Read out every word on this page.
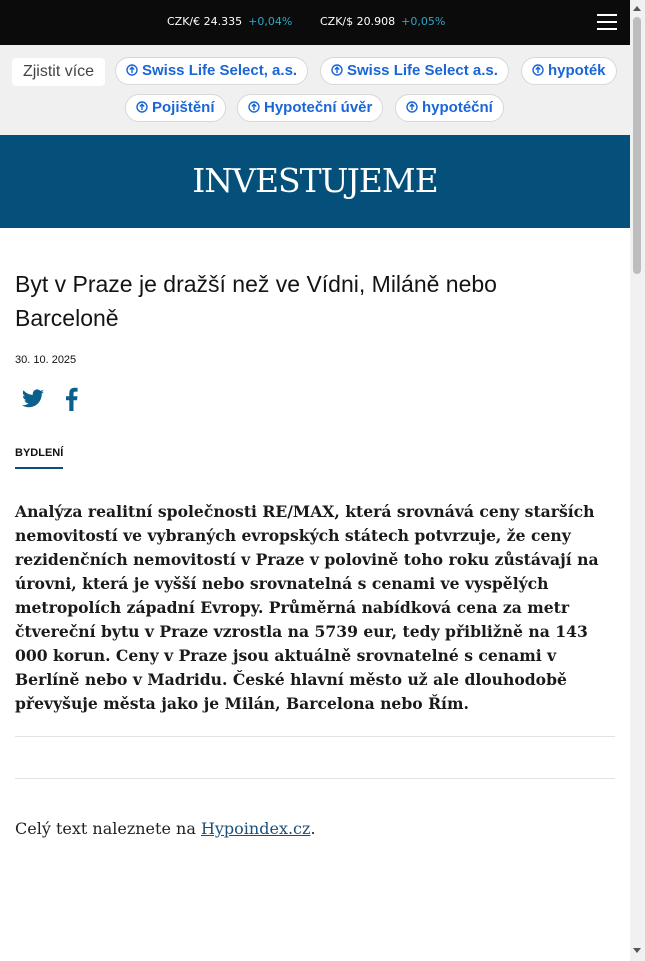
CZK/€ 24.335 +0,04%	CZK/$ 20.908 +0,05%
Zjistit více	Swiss Life Select, a.s.	Swiss Life Select a.s.	hypoték
Pojištění	Hypoteční úvěr	hypotéční
INVESTUJEME
Byt v Praze je dražší než ve Vídni, Miláně nebo Barceloně
30. 10. 2025
BYDLENÍ
Analýza realitní společnosti RE/MAX, která srovnává ceny starších nemovitostí ve vybraných evropských státech potvrzuje, že ceny rezidenčních nemovitostí v Praze v polovině toho roku zůstávají na úrovni, která je vyšší nebo srovnatelná s cenami ve vyspělých metropolích západní Evropy. Průměrná nabídková cena za metr čtvereční bytu v Praze vzrostla na 5739 eur, tedy přibližně na 143 000 korun. Ceny v Praze jsou aktuálně srovnatelné s cenami v Berlíně nebo v Madridu. České hlavní město už ale dlouhodobě převyšuje města jako je Milán, Barcelona nebo Řím.
Celý text naleznete na Hypoindex.cz.
